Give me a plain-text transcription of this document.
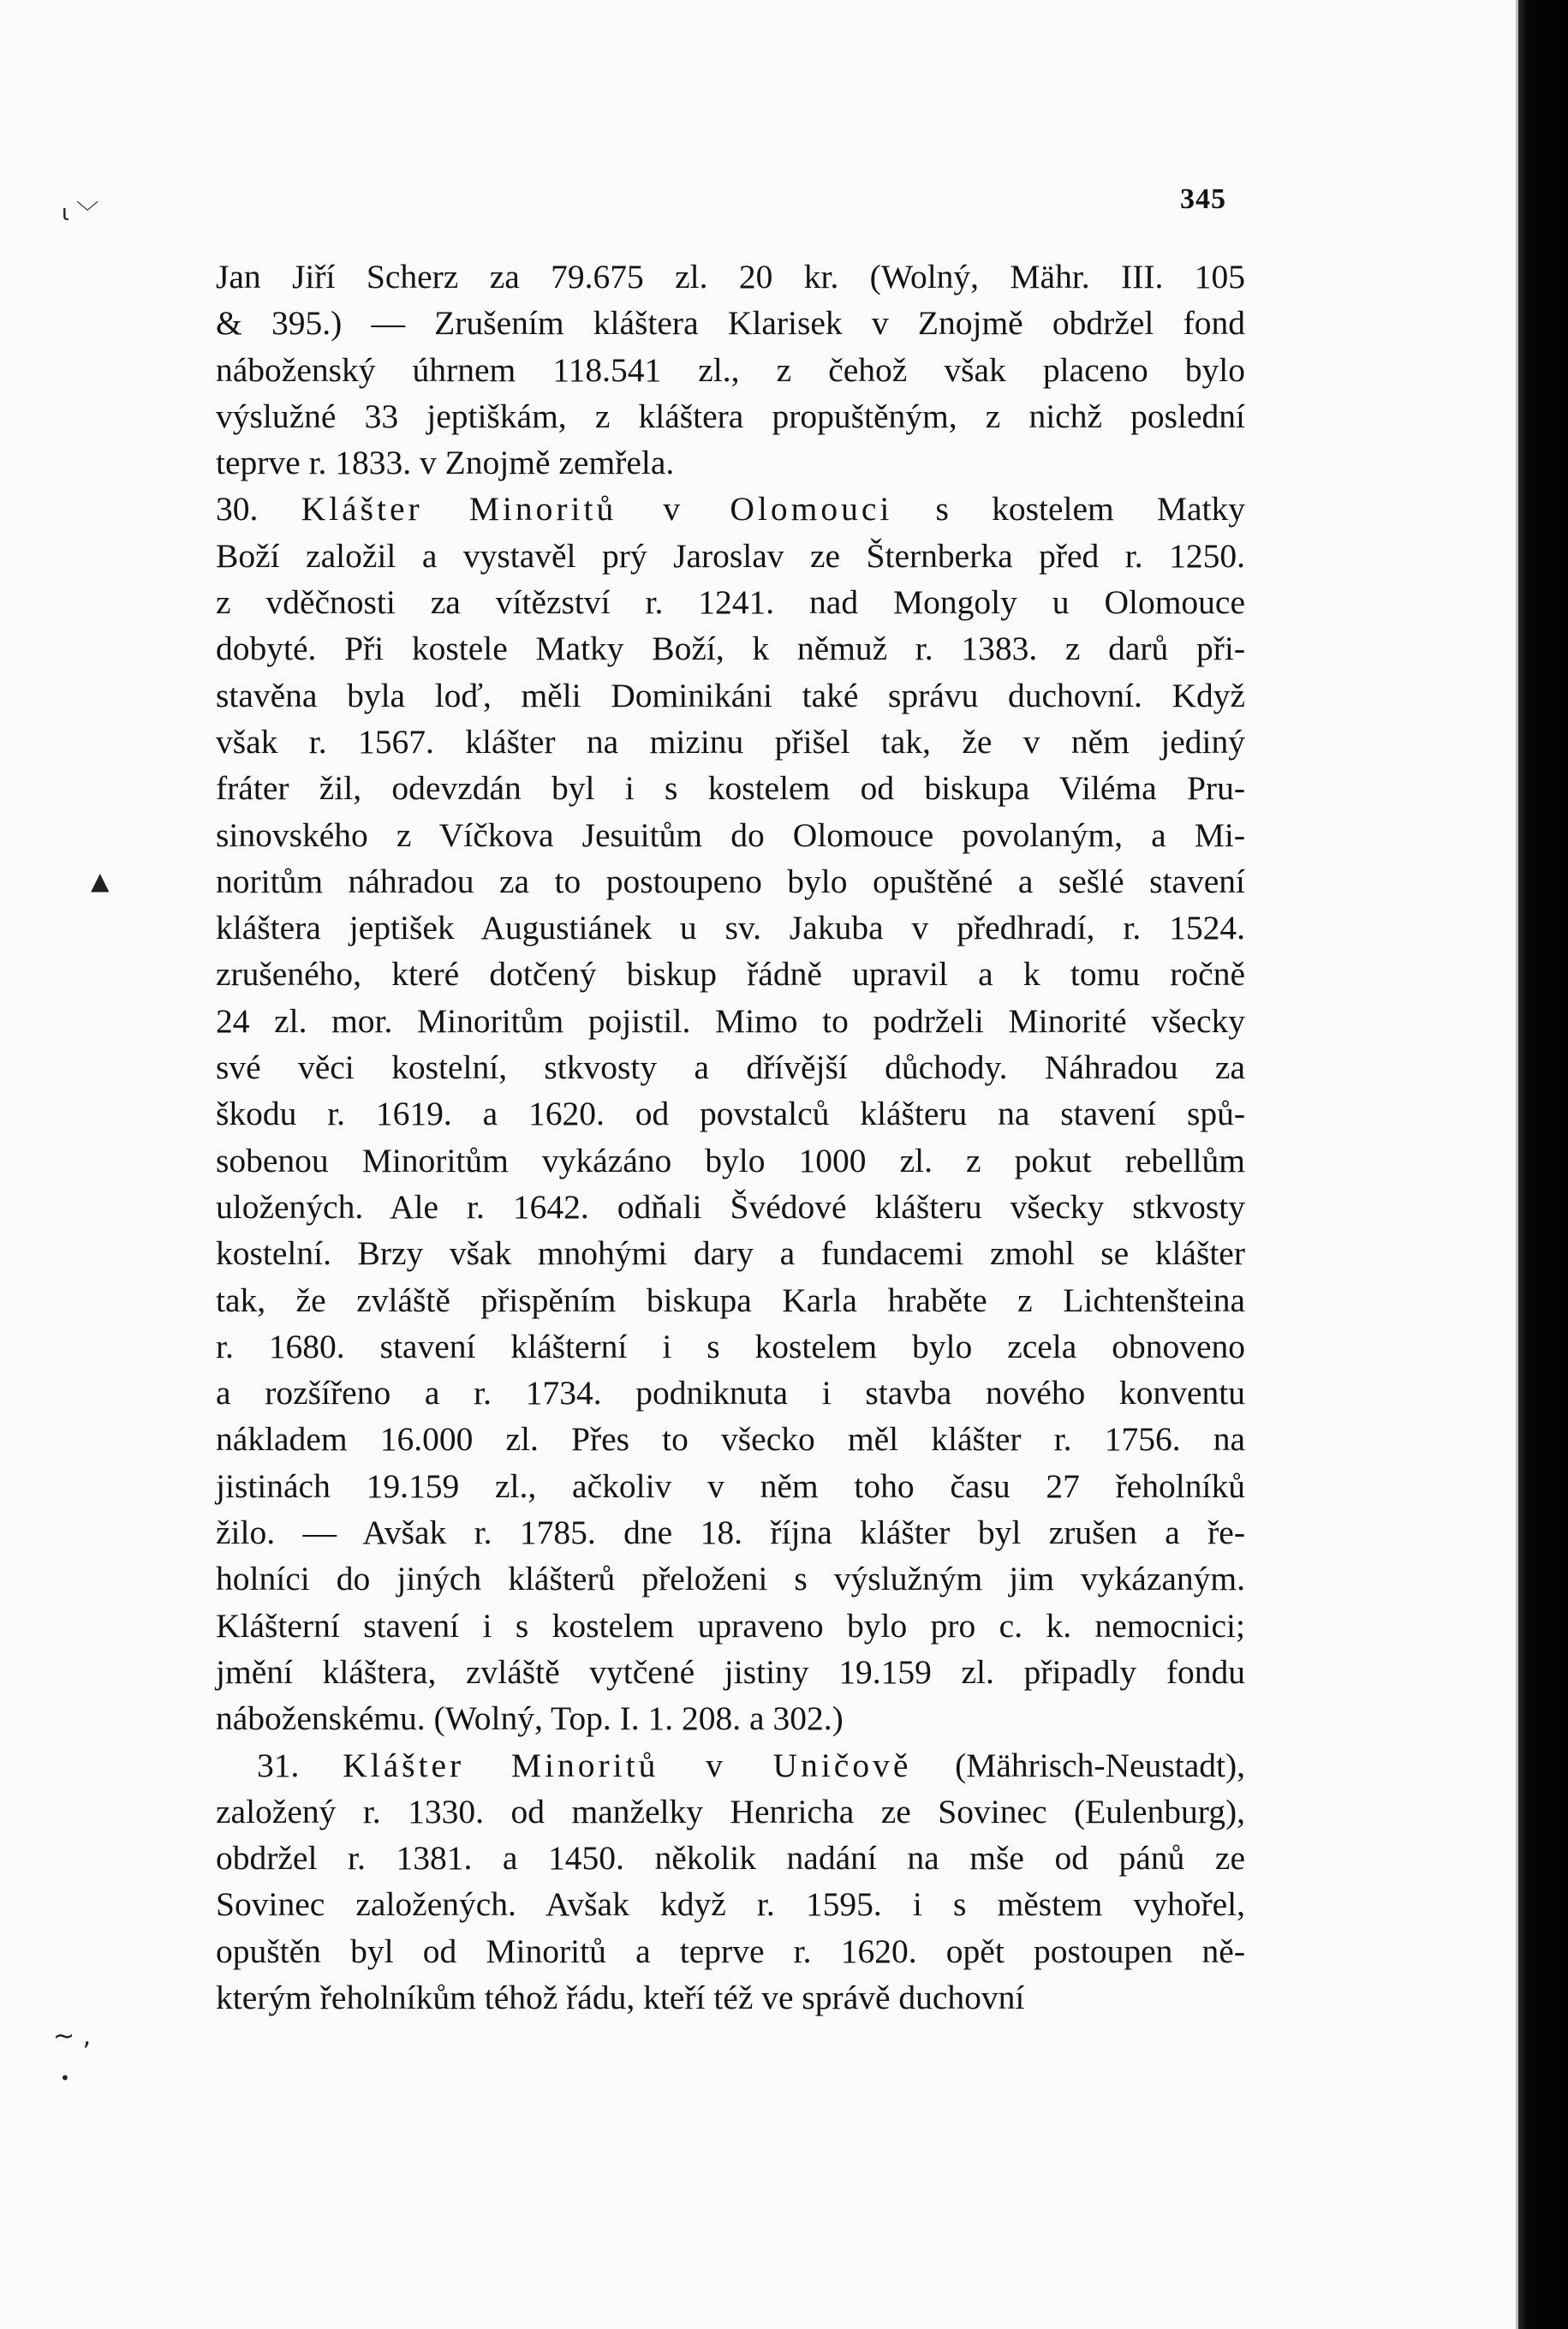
ι ﹀
▲
~ ,
•
345
Jan Jiří Scherz za 79.675 zl. 20 kr. (Wolný, Mähr. III. 105
& 395.) — Zrušením kláštera Klarisek v Znojmě obdržel fond
náboženský úhrnem 118.541 zl., z čehož však placeno bylo
výslužné 33 jeptiškám, z kláštera propuštěným, z nichž poslední
teprve r. 1833. v Znojmě zemřela.
30. Klášter Minoritů v Olomouci s kostelem Matky
Boží založil a vystavěl prý Jaroslav ze Šternberka před r. 1250.
z vděčnosti za vítězství r. 1241. nad Mongoly u Olomouce
dobyté. Při kostele Matky Boží, k němuž r. 1383. z darů při-
stavěna byla loď, měli Dominikáni také správu duchovní. Když
však r. 1567. klášter na mizinu přišel tak, že v něm jediný
fráter žil, odevzdán byl i s kostelem od biskupa Viléma Pru-
sinovského z Víčkova Jesuitům do Olomouce povolaným, a Mi-
noritům náhradou za to postoupeno bylo opuštěné a sešlé stavení
kláštera jeptišek Augustiánek u sv. Jakuba v předhradí, r. 1524.
zrušeného, které dotčený biskup řádně upravil a k tomu ročně
24 zl. mor. Minoritům pojistil. Mimo to podrželi Minorité všecky
své věci kostelní, stkvosty a dřívější důchody. Náhradou za
škodu r. 1619. a 1620. od povstalců klášteru na stavení spů-
sobenou Minoritům vykázáno bylo 1000 zl. z pokut rebellům
uložených. Ale r. 1642. odňali Švédové klášteru všecky stkvosty
kostelní. Brzy však mnohými dary a fundacemi zmohl se klášter
tak, že zvláště přispěním biskupa Karla hraběte z Lichtenšteina
r. 1680. stavení klášterní i s kostelem bylo zcela obnoveno
a rozšířeno a r. 1734. podniknuta i stavba nového konventu
nákladem 16.000 zl. Přes to všecko měl klášter r. 1756. na
jistinách 19.159 zl., ačkoliv v něm toho času 27 řeholníků
žilo. — Avšak r. 1785. dne 18. října klášter byl zrušen a ře-
holníci do jiných klášterů přeloženi s výslužným jim vykázaným.
Klášterní stavení i s kostelem upraveno bylo pro c. k. nemocnici;
jmění kláštera, zvláště vytčené jistiny 19.159 zl. připadly fondu
náboženskému. (Wolný, Top. I. 1. 208. a 302.)
31. Klášter Minoritů v Uničově (Mährisch-Neustadt),
založený r. 1330. od manželky Henricha ze Sovinec (Eulenburg),
obdržel r. 1381. a 1450. několik nadání na mše od pánů ze
Sovinec založených. Avšak když r. 1595. i s městem vyhořel,
opuštěn byl od Minoritů a teprve r. 1620. opět postoupen ně-
kterým řeholníkům téhož řádu, kteří též ve správě duchovní
